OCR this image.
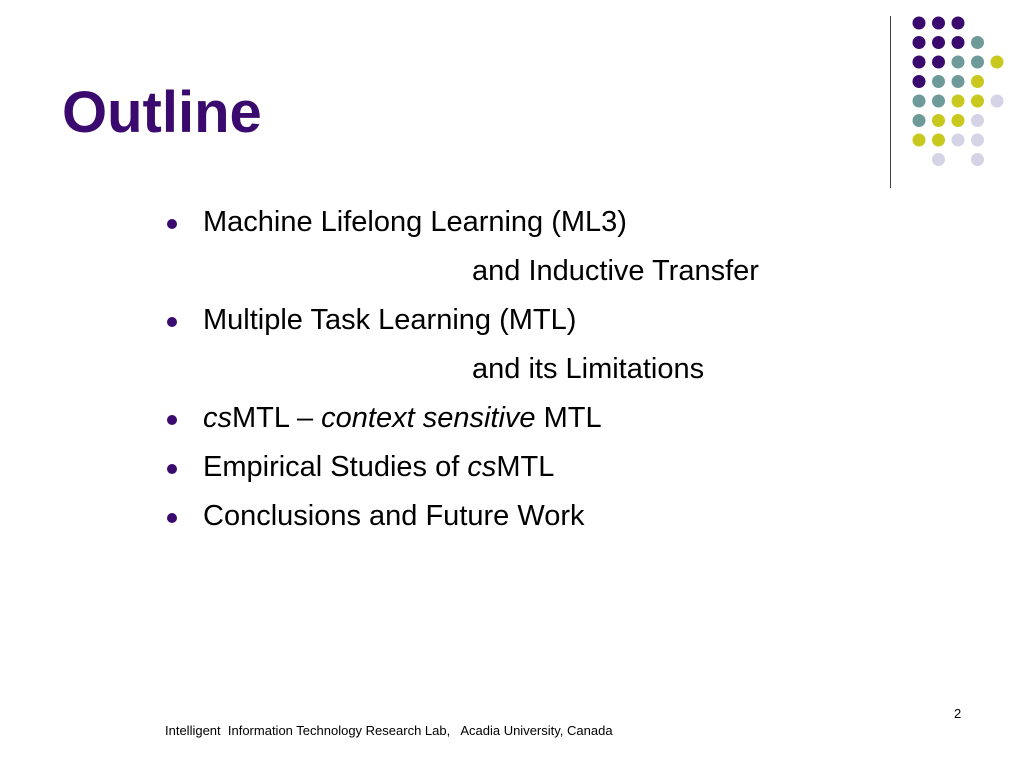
Outline
Machine Lifelong Learning (ML3)
and Inductive Transfer
Multiple Task Learning (MTL)
and its Limitations
csMTL – context sensitive MTL
Empirical Studies of csMTL
Conclusions and Future Work
Intelligent  Information Technology Research Lab,   Acadia University, Canada
2
